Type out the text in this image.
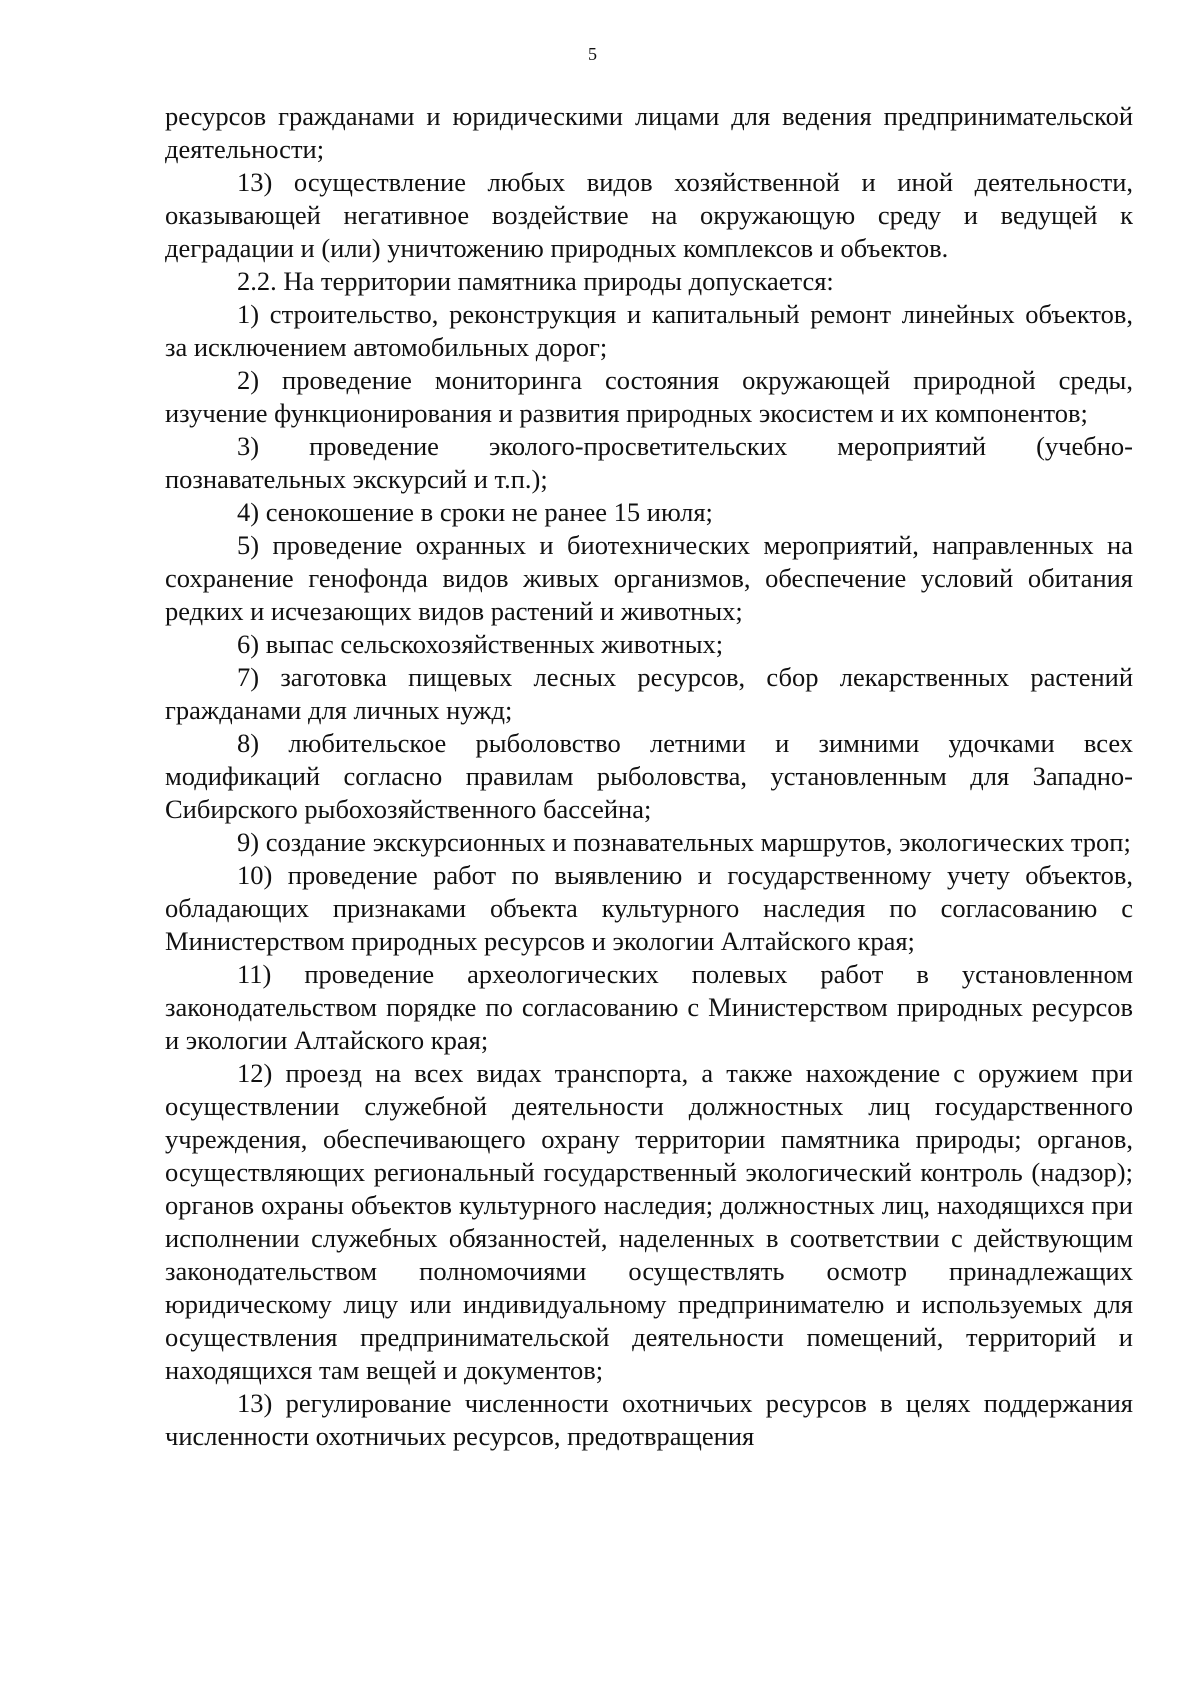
5

ресурсов гражданами и юридическими лицами для ведения предпринимательской деятельности;

13) осуществление любых видов хозяйственной и иной деятельности, оказывающей негативное воздействие на окружающую среду и ведущей к деградации и (или) уничтожению природных комплексов и объектов.

2.2. На территории памятника природы допускается:

1) строительство, реконструкция и капитальный ремонт линейных объектов, за исключением автомобильных дорог;

2) проведение мониторинга состояния окружающей природной среды, изучение функционирования и развития природных экосистем и их компонентов;

3) проведение эколого-просветительских мероприятий (учебно-познавательных экскурсий и т.п.);

4) сенокошение в сроки не ранее 15 июля;

5) проведение охранных и биотехнических мероприятий, направленных на сохранение генофонда видов живых организмов, обеспечение условий обитания редких и исчезающих видов растений и животных;

6) выпас сельскохозяйственных животных;

7) заготовка пищевых лесных ресурсов, сбор лекарственных растений гражданами для личных нужд;

8) любительское рыболовство летними и зимними удочками всех модификаций согласно правилам рыболовства, установленным для Западно-Сибирского рыбохозяйственного бассейна;

9) создание экскурсионных и познавательных маршрутов, экологических троп;

10) проведение работ по выявлению и государственному учету объектов, обладающих признаками объекта культурного наследия по согласованию с Министерством природных ресурсов и экологии Алтайского края;

11) проведение археологических полевых работ в установленном законодательством порядке по согласованию с Министерством природных ресурсов и экологии Алтайского края;

12) проезд на всех видах транспорта, а также нахождение с оружием при осуществлении служебной деятельности должностных лиц государственного учреждения, обеспечивающего охрану территории памятника природы; органов, осуществляющих региональный государственный экологический контроль (надзор); органов охраны объектов культурного наследия; должностных лиц, находящихся при исполнении служебных обязанностей, наделенных в соответствии с действующим законодательством полномочиями осуществлять осмотр принадлежащих юридическому лицу или индивидуальному предпринимателю и используемых для осуществления предпринимательской деятельности помещений, территорий и находящихся там вещей и документов;

13) регулирование численности охотничьих ресурсов в целях поддержания численности охотничьих ресурсов, предотвращения
